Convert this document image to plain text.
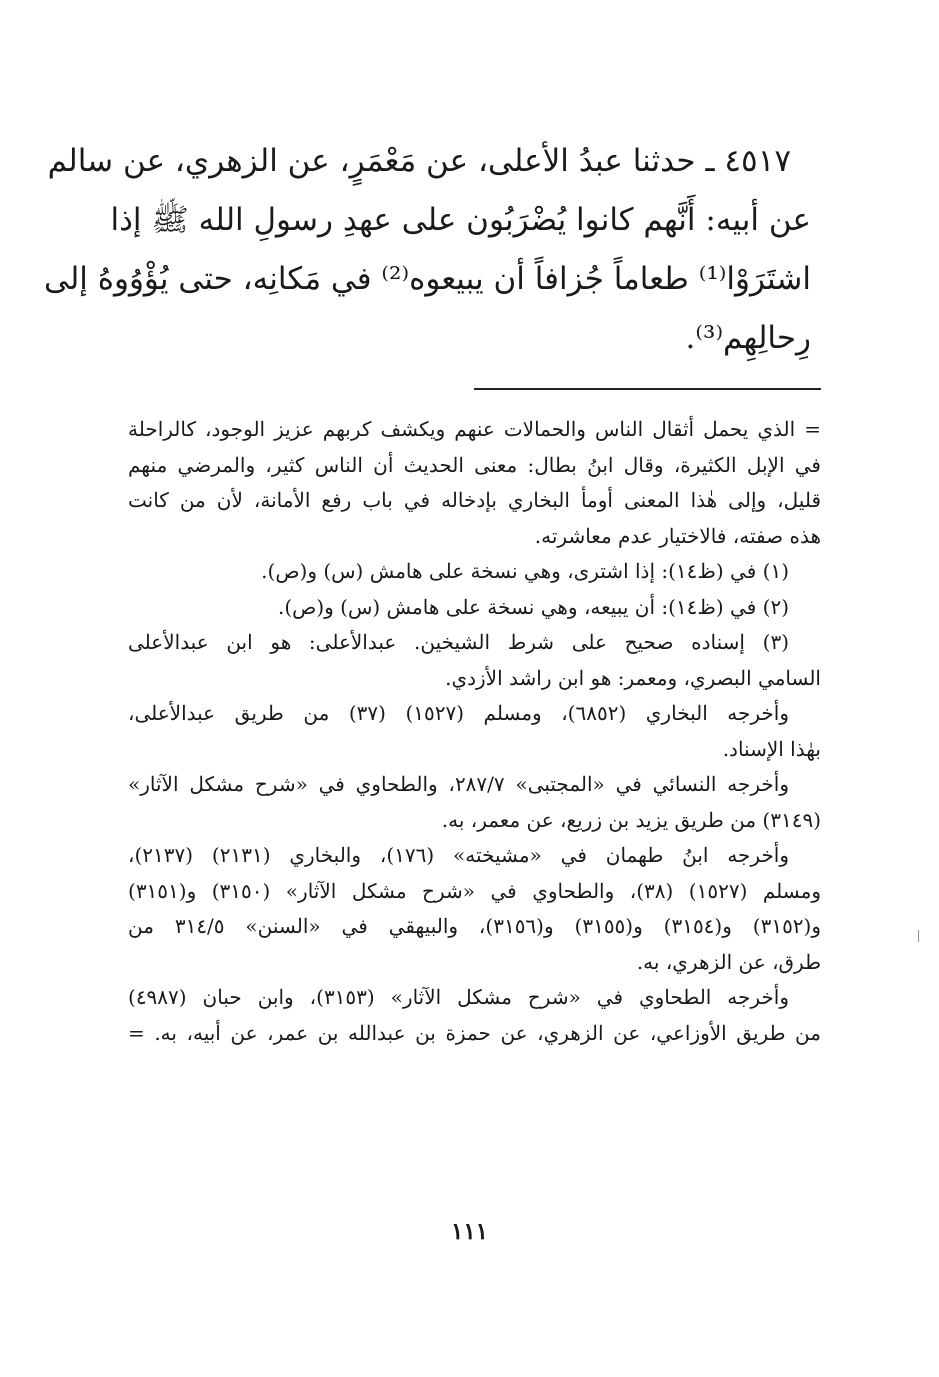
٤٥١٧ ـ حدثنا عبدُ الأعلى، عن مَعْمَرٍ، عن الزهري، عن سالم
عن أبيه: أَنَّهم كانوا يُضْرَبُون على عهدِ رسولِ الله ﷺ إذا
اشتَرَوْا⁽¹⁾ طعاماً جُزافاً أن يبيعوه⁽²⁾ في مَكانِه، حتى يُؤْوُوهُ إلى
رِحالِهِم⁽³⁾.
= الذي يحمل أثقال الناس والحمالات عنهم ويكشف كربهم عزيز الوجود، كالراحلة
في الإبل الكثيرة، وقال ابنُ بطال: معنى الحديث أن الناس كثير، والمرضي منهم
قليل، وإلى هٰذا المعنى أومأ البخاري بإدخاله في باب رفع الأمانة، لأن من كانت
هذه صفته، فالاختيار عدم معاشرته.
(١) في (ظ١٤): إذا اشترى، وهي نسخة على هامش (س) و(ص).
(٢) في (ظ١٤): أن يبيعه، وهي نسخة على هامش (س) و(ص).
(٣) إسناده صحيح على شرط الشيخين. عبدالأعلى: هو ابن عبدالأعلى
السامي البصري، ومعمر: هو ابن راشد الأزدي.
وأخرجه البخاري (٦٨٥٢)، ومسلم (١٥٢٧) (٣٧) من طريق عبدالأعلى،
بهٰذا الإسناد.
وأخرجه النسائي في «المجتبى» ٢٨٧/٧، والطحاوي في «شرح مشكل الآثار»
(٣١٤٩) من طريق يزيد بن زريع، عن معمر، به.
وأخرجه ابنُ طهمان في «مشيخته» (١٧٦)، والبخاري (٢١٣١) (٢١٣٧)،
ومسلم (١٥٢٧) (٣٨)، والطحاوي في «شرح مشكل الآثار» (٣١٥٠) و(٣١٥١)
و(٣١٥٢) و(٣١٥٤) و(٣١٥٥) و(٣١٥٦)، والبيهقي في «السنن» ٣١٤/٥ من
طرق، عن الزهري، به.
وأخرجه الطحاوي في «شرح مشكل الآثار» (٣١٥٣)، وابن حبان (٤٩٨٧)
من طريق الأوزاعي، عن الزهري، عن حمزة بن عبدالله بن عمر، عن أبيه، به. =
١١١
